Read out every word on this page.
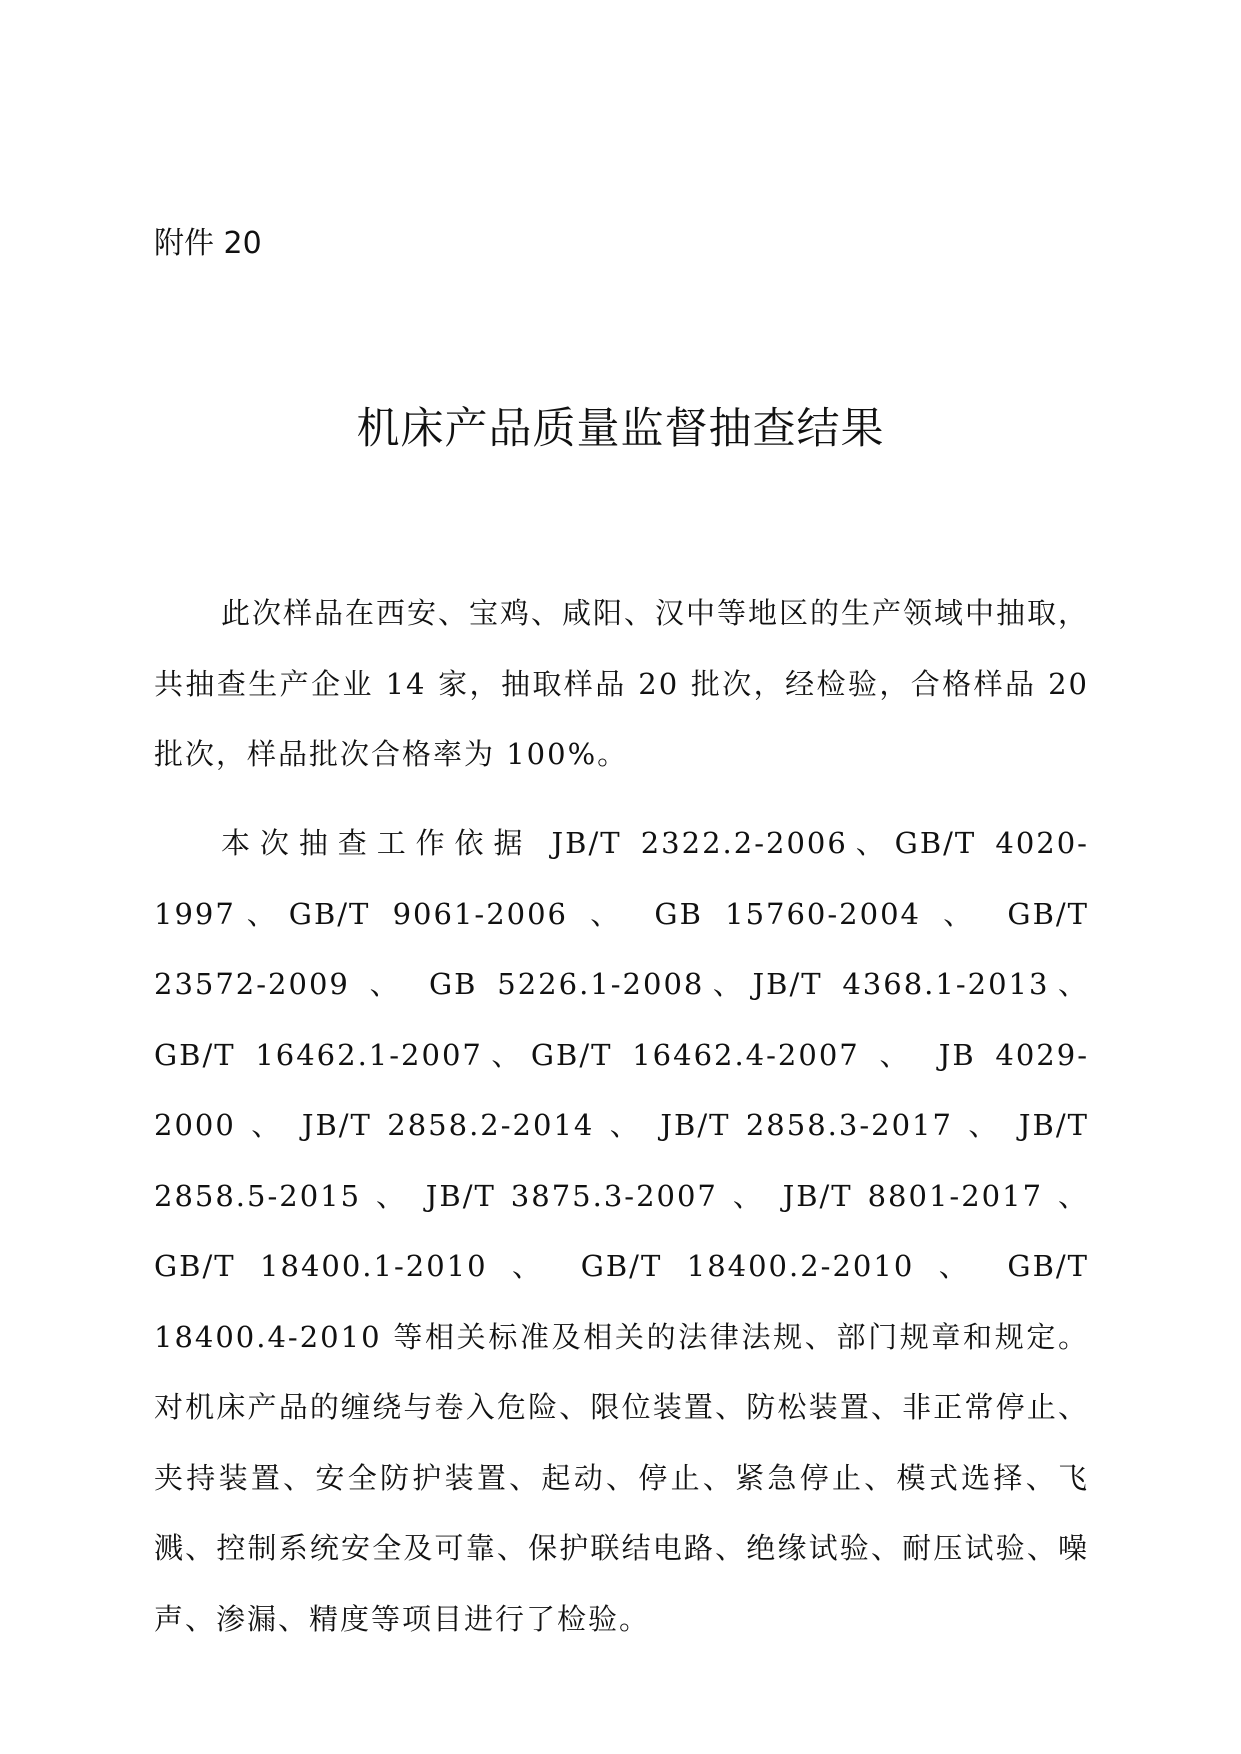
附件 20
机床产品质量监督抽查结果

此次样品在西安、宝鸡、咸阳、汉中等地区的生产领域中抽取，共抽查生产企业 14 家，抽取样品 20 批次，经检验，合格样品 20 批次，样品批次合格率为 100%。

本次抽查工作依据 JB/T 2322.2-2006、GB/T 4020-1997、GB/T 9061-2006 、 GB 15760-2004 、 GB/T 23572-2009 、 GB 5226.1-2008、JB/T 4368.1-2013、GB/T 16462.1-2007、GB/T 16462.4-2007 、 JB 4029-2000 、 JB/T 2858.2-2014 、 JB/T 2858.3-2017 、 JB/T 2858.5-2015 、 JB/T 3875.3-2007 、 JB/T 8801-2017 、 GB/T 18400.1-2010 、 GB/T 18400.2-2010 、 GB/T 18400.4-2010 等相关标准及相关的法律法规、部门规章和规定。对机床产品的缠绕与卷入危险、限位装置、防松装置、非正常停止、夹持装置、安全防护装置、起动、停止、紧急停止、模式选择、飞溅、控制系统安全及可靠、保护联结电路、绝缘试验、耐压试验、噪声、渗漏、精度等项目进行了检验。
